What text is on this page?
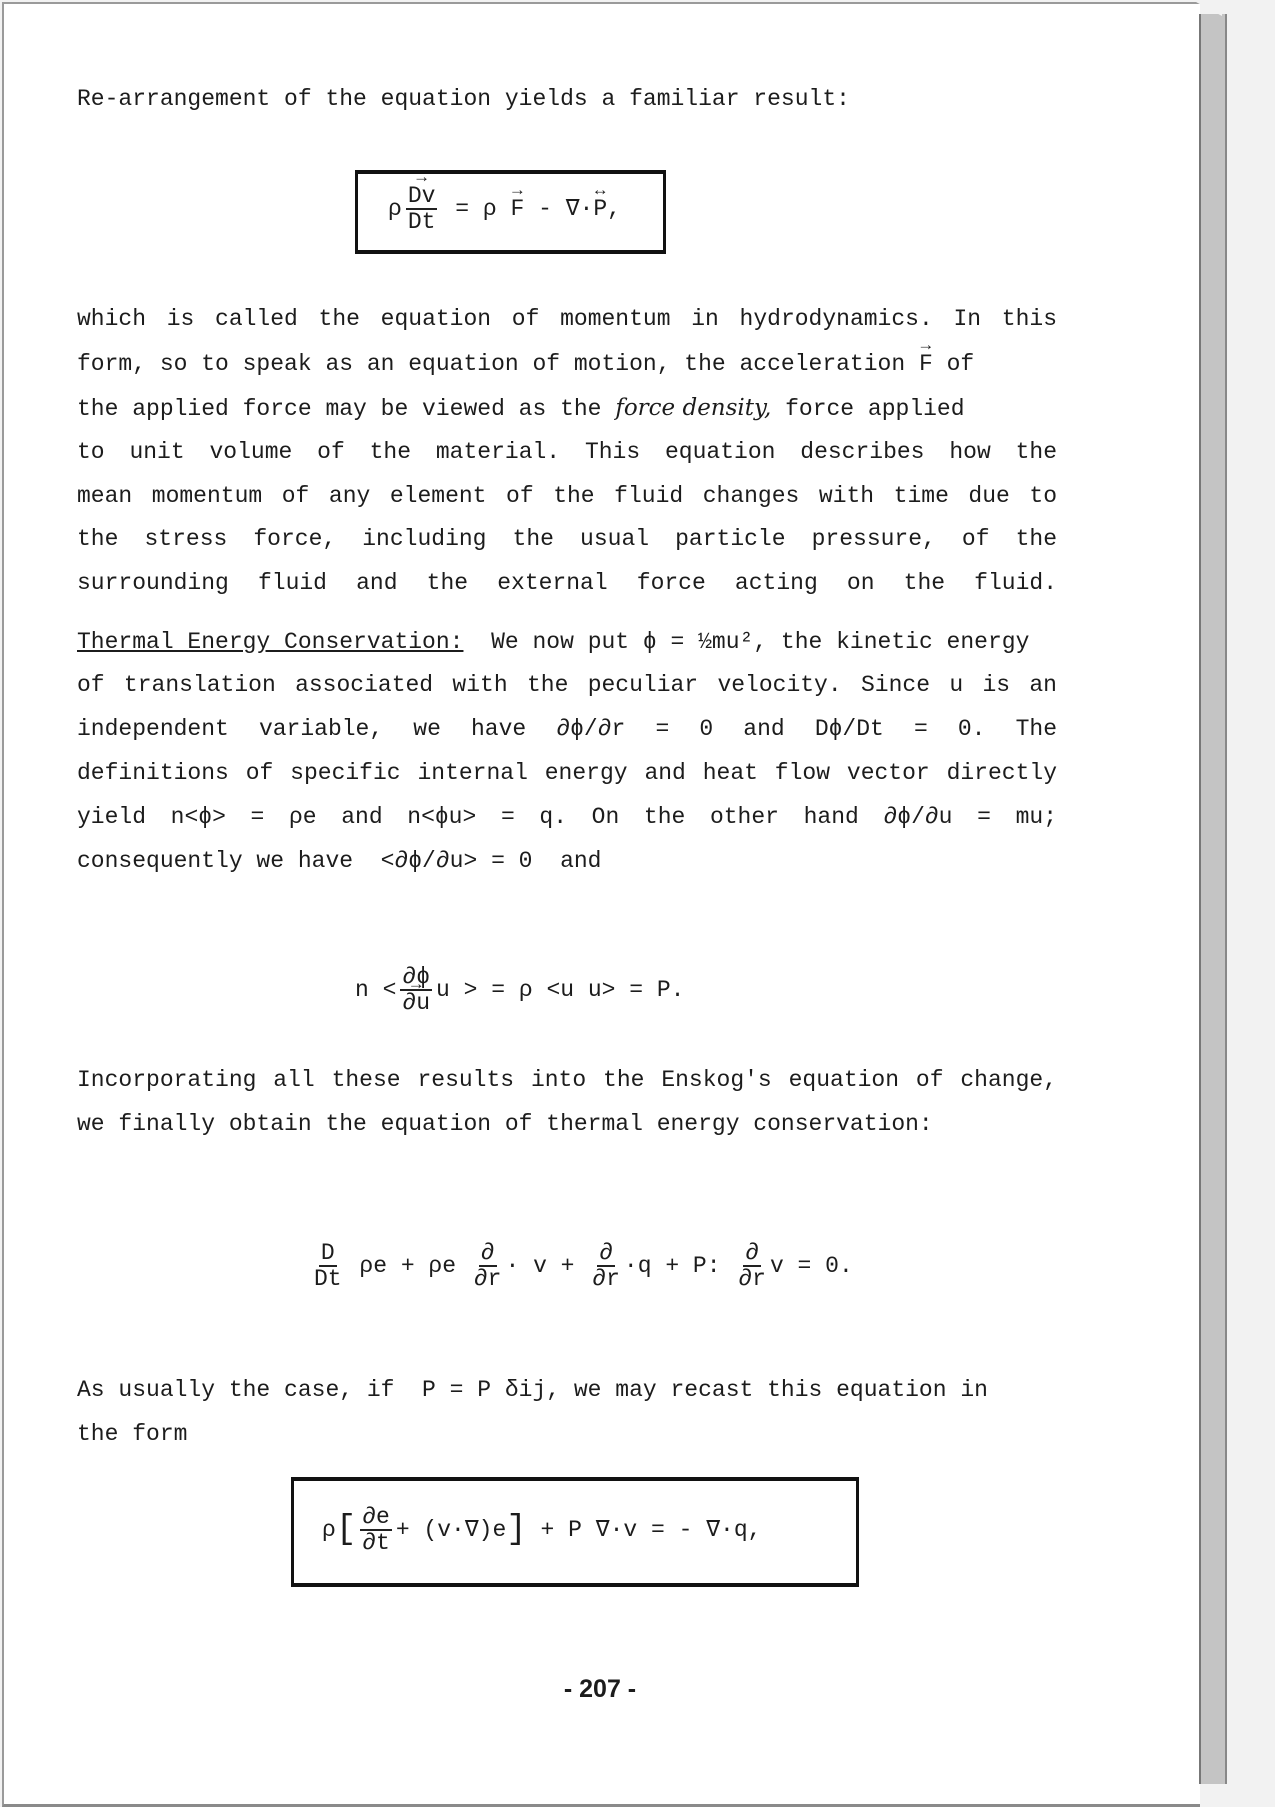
Re-arrangement of the equation yields a familiar result:
$\rho \to \frac{Dv}{Dt} = \rho \to F$ - ∇·↔ P,
which is called the equation of momentum in hydrodynamics. In this
form, so to speak as an equation of motion, the acceleration → F of
the applied force may be viewed as the force density, force applied
to unit volume of the material. This equation describes how the
mean momentum of any element of the fluid changes with time due to
the stress force, including the usual particle pressure, of the
surrounding fluid and the external force acting on the fluid.
Thermal Energy Conservation: We now put ϕ = ½mu², the kinetic energy
of translation associated with the peculiar velocity. Since u is an
independent variable, we have ∂ϕ/∂r = 0 and Dϕ/Dt = 0. The
definitions of specific internal energy and heat flow vector directly
yield n<ϕ> = ρe and n<ϕu> = q. On the other hand ∂ϕ/∂u = mu;
consequently we have  <∂ϕ/∂u> = 0  and
n < ∂ϕ
→ ∂u u > = ρ <u u> = P.
Incorporating all these results into the Enskog's equation of change,
we finally obtain the equation of thermal energy conservation:
$\frac{D}{Dt}$ ρe + ρe $\frac{\partial}{\partial r} \cdot v + \frac{\partial}{\partial r} \cdot q + P$: $\frac{\partial}{\partial r}$ v = 0.
As usually the case, if  P = P δij, we may recast this equation in
the form
$\rho[ \frac{\partial e}{\partial t} + (v\cdot\nabla)e] + P$ ∇·v = - ∇·q,
- 207 -
